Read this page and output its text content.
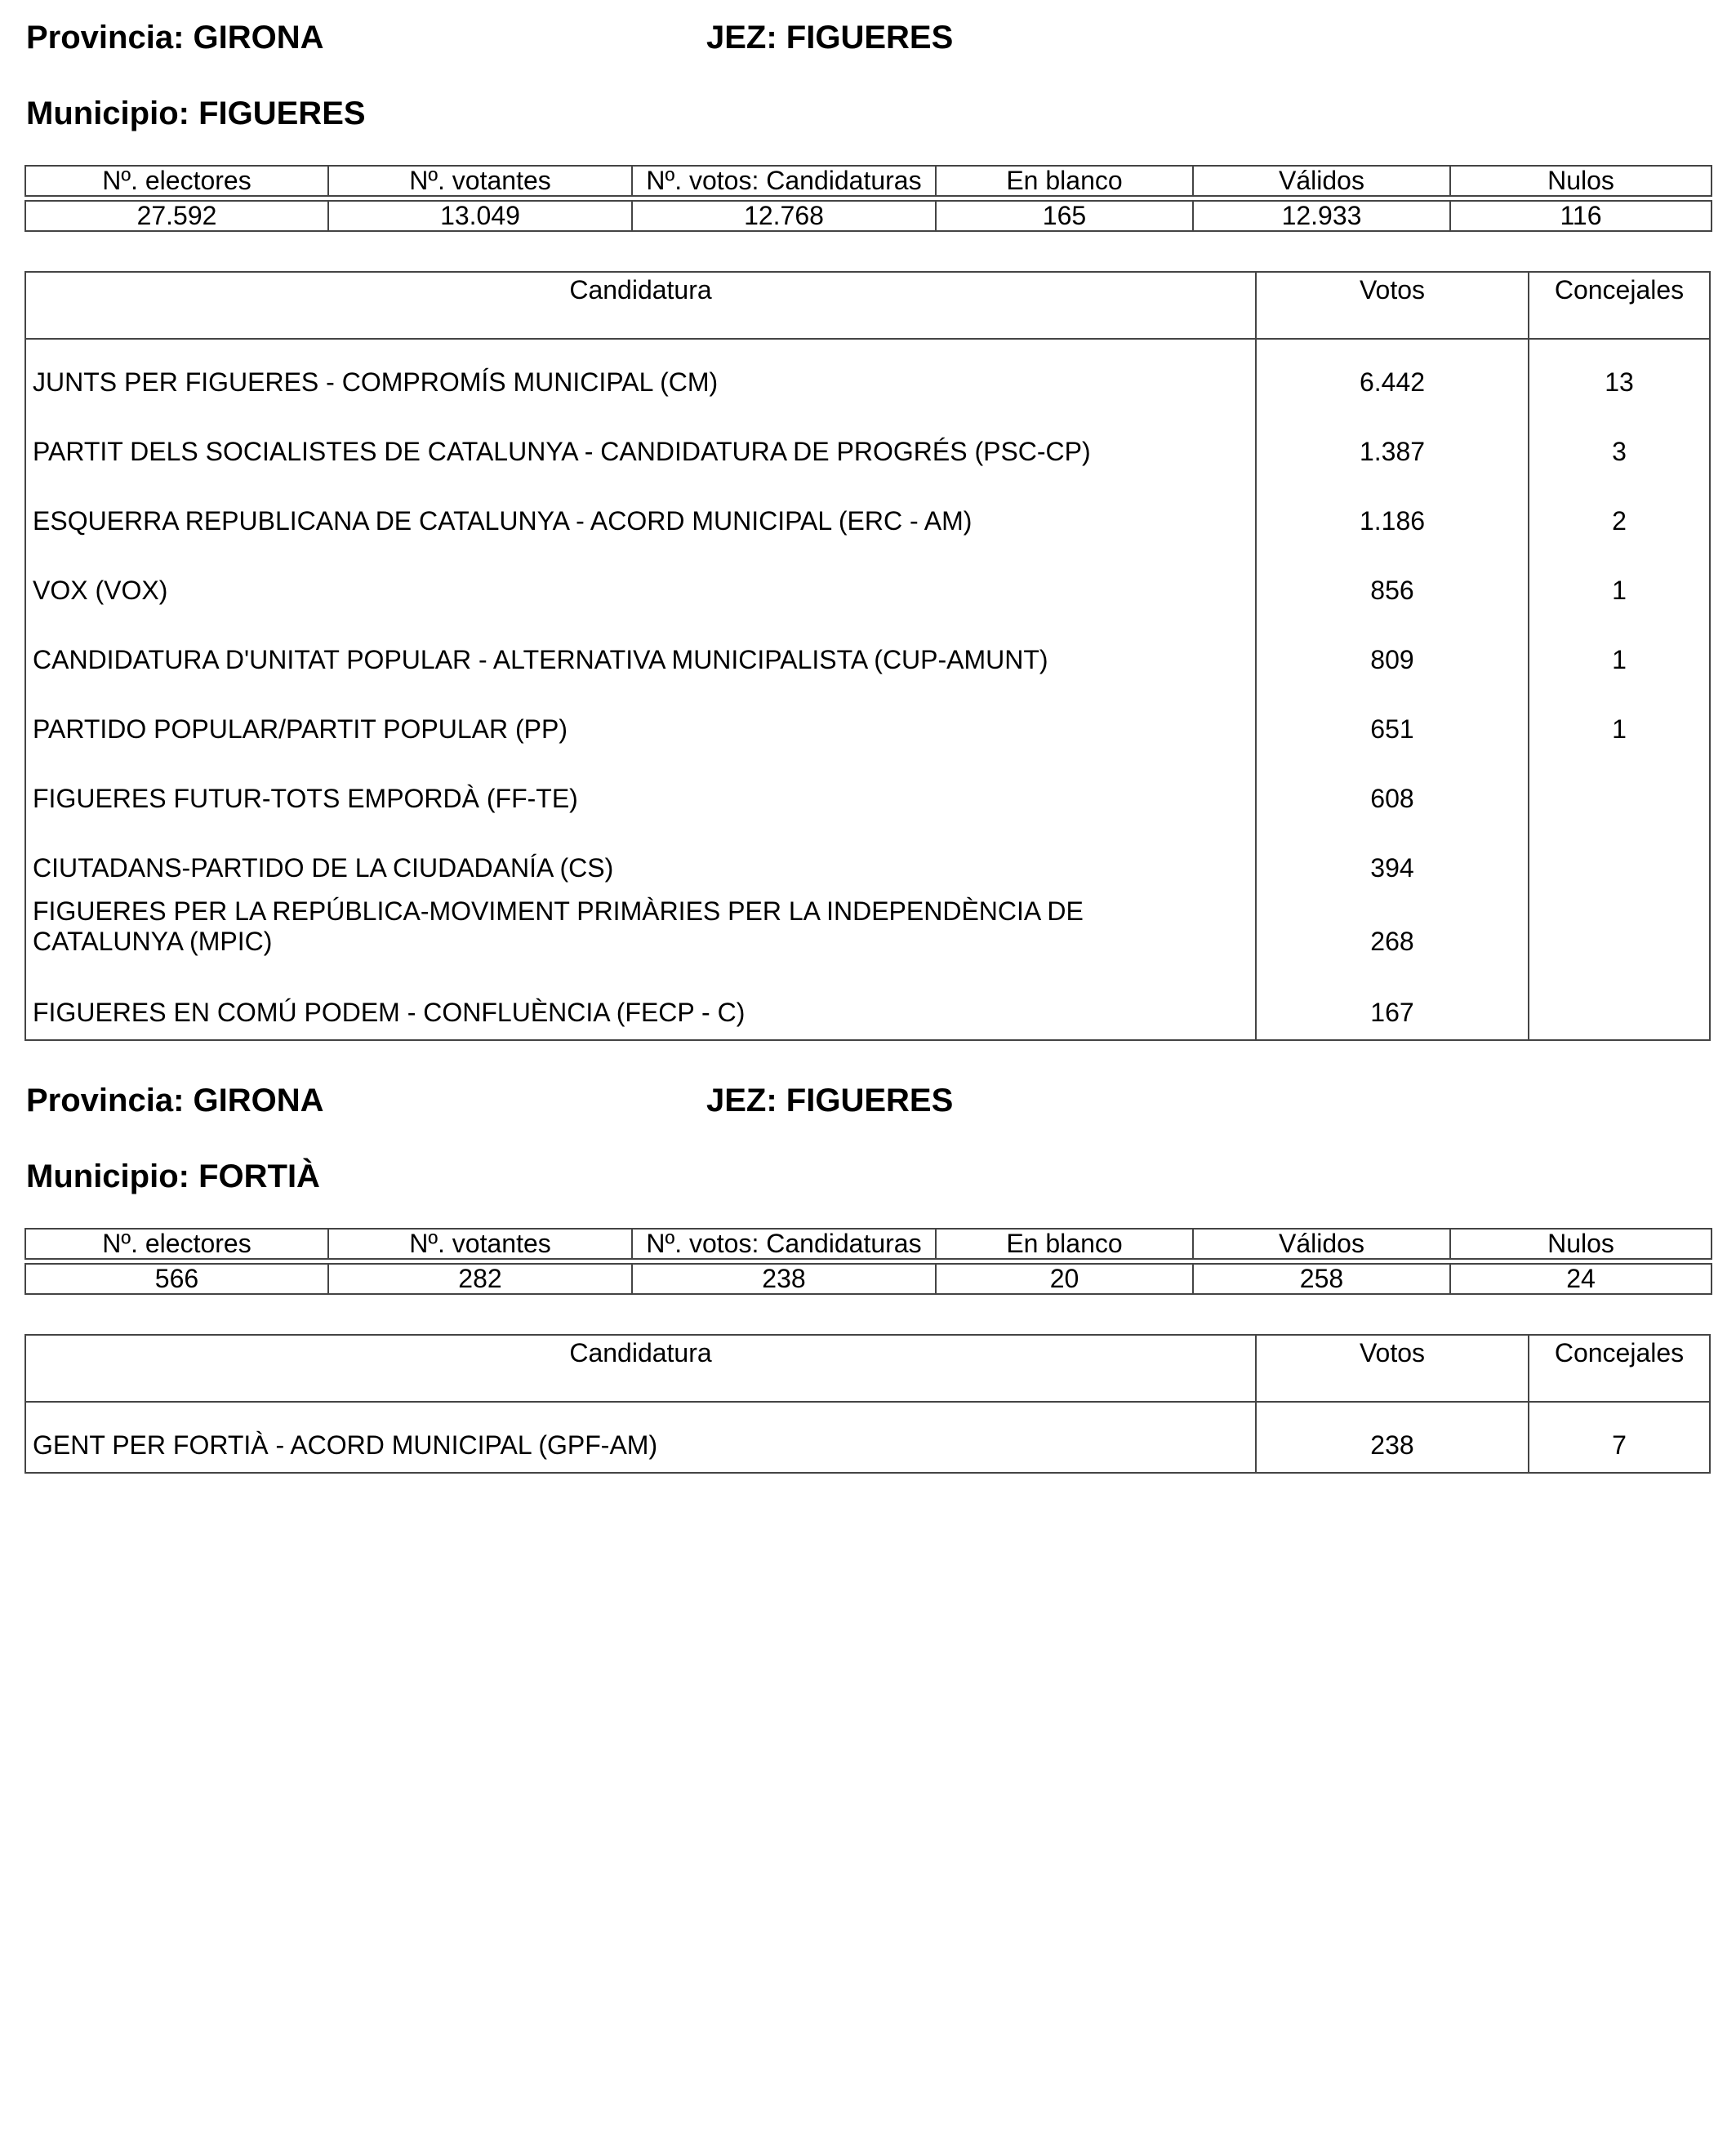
Provincia: GIRONA	JEZ: FIGUERES
Municipio: FIGUERES
Nº. electores	Nº. votantes	Nº. votos: Candidaturas	En blanco	Válidos	Nulos
27.592	13.049	12.768	165	12.933	116
Candidatura	Votos	Concejales
JUNTS PER FIGUERES - COMPROMÍS MUNICIPAL (CM)	6.442	13
PARTIT DELS SOCIALISTES DE CATALUNYA - CANDIDATURA DE PROGRÉS (PSC-CP)	1.387	3
ESQUERRA REPUBLICANA DE CATALUNYA - ACORD MUNICIPAL (ERC - AM)	1.186	2
VOX (VOX)	856	1
CANDIDATURA D'UNITAT POPULAR - ALTERNATIVA MUNICIPALISTA (CUP-AMUNT)	809	1
PARTIDO POPULAR/PARTIT POPULAR (PP)	651	1
FIGUERES FUTUR-TOTS EMPORDÀ (FF-TE)	608
CIUTADANS-PARTIDO DE LA CIUDADANÍA (CS)	394
FIGUERES PER LA REPÚBLICA-MOVIMENT PRIMÀRIES PER LA INDEPENDÈNCIA DE CATALUNYA (MPIC)	268
FIGUERES EN COMÚ PODEM - CONFLUÈNCIA (FECP - C)	167
Provincia: GIRONA	JEZ: FIGUERES
Municipio: FORTIÀ
Nº. electores	Nº. votantes	Nº. votos: Candidaturas	En blanco	Válidos	Nulos
566	282	238	20	258	24
Candidatura	Votos	Concejales
GENT PER FORTIÀ - ACORD MUNICIPAL (GPF-AM)	238	7
